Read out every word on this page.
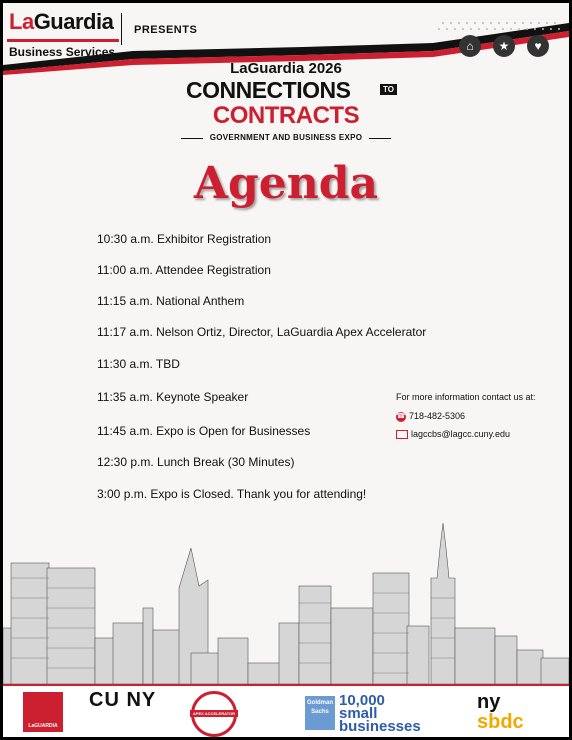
LaGuardia
Business Services
PRESENTS
⌂	★	♥
LaGuardia 2026
CONNECTIONS	TO
CONTRACTS
GOVERNMENT AND BUSINESS EXPO
Agenda
10:30 a.m. Exhibitor Registration
11:00 a.m. Attendee Registration
11:15 a.m. National Anthem
11:17 a.m. Nelson Ortiz, Director, LaGuardia Apex Accelerator
11:30 a.m. TBD
11:35 a.m. Keynote Speaker
11:45 a.m. Expo is Open for Businesses
12:30 p.m. Lunch Break (30 Minutes)
3:00 p.m. Expo is Closed. Thank you for attending!
For more information contact us at:
☎ 718-482-5306
lagccbs@lagcc.cuny.edu
LaGUARDIA
CU NY
APEX ACCELERATOR
Goldman Sachs
10,000
small
businesses
ny
sbdc
